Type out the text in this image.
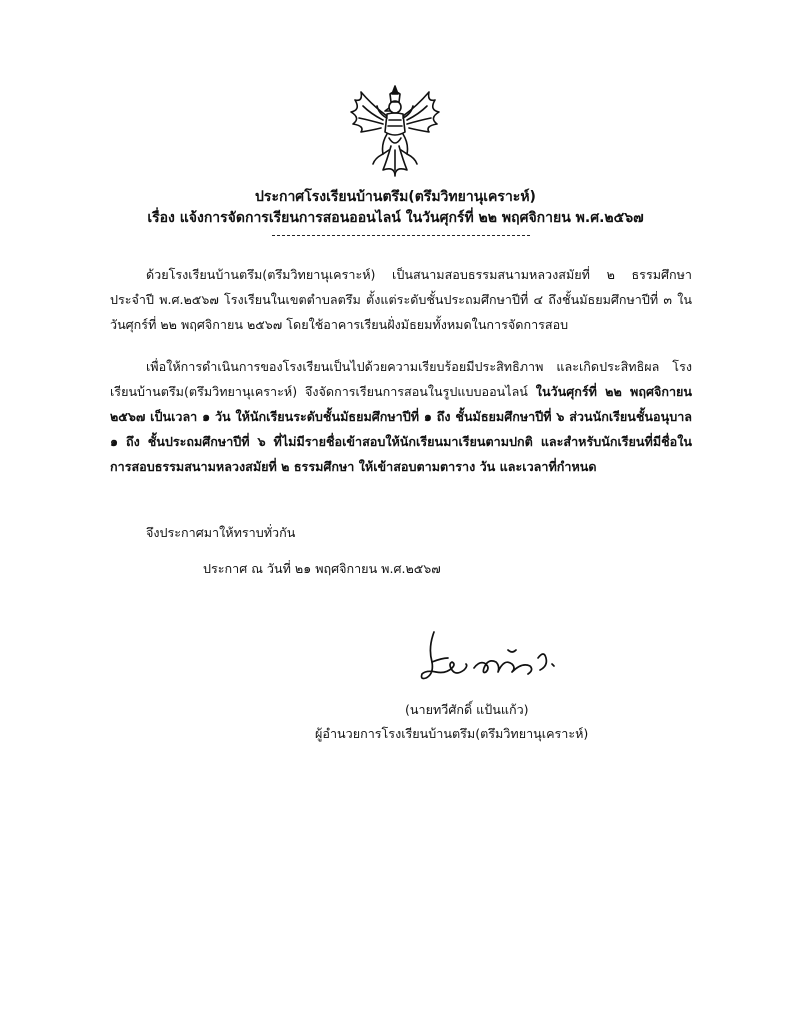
ประกาศโรงเรียนบ้านตรึม(ตรึมวิทยานุเคราะห์)
เรื่อง แจ้งการจัดการเรียนการสอนออนไลน์ ในวันศุกร์ที่ ๒๒ พฤศจิกายน พ.ศ.๒๕๖๗
ด้วยโรงเรียนบ้านตรึม(ตรึมวิทยานุเคราะห์) เป็นสนามสอบธรรมสนามหลวงสมัยที่ ๒ ธรรมศึกษา ประจำปี พ.ศ.๒๕๖๗ โรงเรียนในเขตตำบลตรึม ตั้งแต่ระดับชั้นประถมศึกษาปีที่ ๔ ถึงชั้นมัธยมศึกษาปีที่ ๓ ในวันศุกร์ที่ ๒๒ พฤศจิกายน ๒๕๖๗ โดยใช้อาคารเรียนฝั่งมัธยมทั้งหมดในการจัดการสอบ
เพื่อให้การดำเนินการของโรงเรียนเป็นไปด้วยความเรียบร้อยมีประสิทธิภาพ และเกิดประสิทธิผล โรงเรียนบ้านตรึม(ตรึมวิทยานุเคราะห์) จึงจัดการเรียนการสอนในรูปแบบออนไลน์ ในวันศุกร์ที่ ๒๒ พฤศจิกายน ๒๕๖๗ เป็นเวลา ๑ วัน ให้นักเรียนระดับชั้นมัธยมศึกษาปีที่ ๑ ถึง ชั้นมัธยมศึกษาปีที่ ๖ ส่วนนักเรียนชั้นอนุบาล ๑ ถึง ชั้นประถมศึกษาปีที่ ๖ ที่ไม่มีรายชื่อเข้าสอบให้นักเรียนมาเรียนตามปกติ และสำหรับนักเรียนที่มีชื่อในการสอบธรรมสนามหลวงสมัยที่ ๒ ธรรมศึกษา ให้เข้าสอบตามตาราง วัน และเวลาที่กำหนด
จึงประกาศมาให้ทราบทั่วกัน
ประกาศ ณ วันที่ ๒๑ พฤศจิกายน พ.ศ.๒๕๖๗
(นายทวีศักดิ์ แป้นแก้ว)
ผู้อำนวยการโรงเรียนบ้านตรึม(ตรึมวิทยานุเคราะห์)
